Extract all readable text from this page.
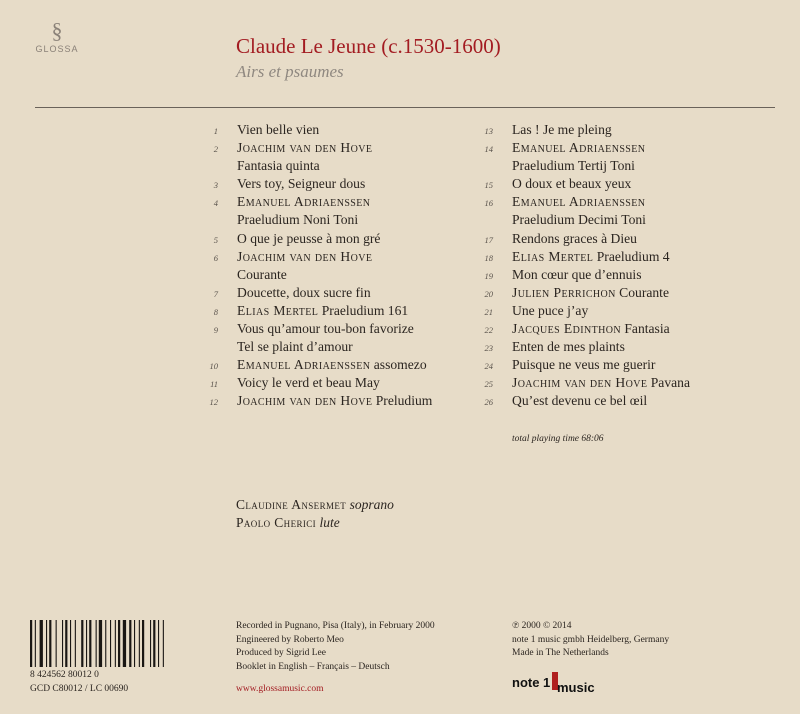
§
GLOSSA	Claude Le Jeune (c.1530-1600)
Airs et psaumes
1 Vien belle vien
2 Joachim van den Hove
Fantasia quinta
3 Vers toy, Seigneur dous
4 Emanuel Adriaenssen
Praeludium Noni Toni
5 O que je peusse à mon gré
6 Joachim van den Hove
Courante
7 Doucette, doux sucre fin
8 Elias Mertel Praeludium 161
9 Vous qu’amour tou-bon favorize
Tel se plaint d’amour
10 Emanuel Adriaenssen assomezo
11 Voicy le verd et beau May
12 Joachim van den Hove Preludium
13 Las ! Je me pleing
14 Emanuel Adriaenssen
Praeludium Tertij Toni
15 O doux et beaux yeux
16 Emanuel Adriaenssen
Praeludium Decimi Toni
17 Rendons graces à Dieu
18 Elias Mertel Praeludium 4
19 Mon cœur que d’ennuis
20 Julien Perrichon Courante
21 Une puce j’ay
22 Jacques Edinthon Fantasia
23 Enten de mes plaints
24 Puisque ne veus me guerir
25 Joachim van den Hove Pavana
26 Qu’est devenu ce bel œil
total playing time 68:06
Claudine Ansermet soprano
Paolo Cherici lute
8 424562 80012 0
GCD C80012 / LC 00690
Recorded in Pugnano, Pisa (Italy), in February 2000
Engineered by Roberto Meo
Produced by Sigrid Lee
Booklet in English – Français – Deutsch
www.glossamusic.com
℗ 2000 © 2014
note 1 music gmbh Heidelberg, Germany
Made in The Netherlands
note 1 music
